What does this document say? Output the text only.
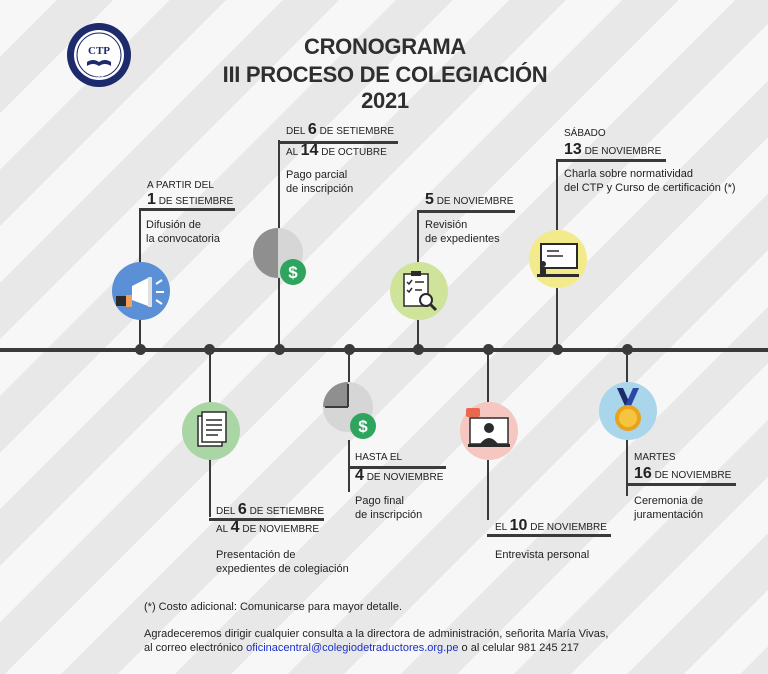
CTP
1996
CRONOGRAMA
III PROCESO DE COLEGIACIÓN 2021
A PARTIR DEL
1 DE SETIEMBRE
Difusión de
la convocatoria
DEL 6 DE SETIEMBRE
AL 4 DE NOVIEMBRE
Presentación de
expedientes de colegiación
DEL 6 DE SETIEMBRE
AL 14 DE OCTUBRE
Pago parcial
de inscripción
$
$
HASTA EL
4 DE NOVIEMBRE
Pago final
de inscripción
5 DE NOVIEMBRE
Revisión
de expedientes
EL 10 DE NOVIEMBRE
Entrevista personal
SÁBADO
13 DE NOVIEMBRE
Charla sobre normatividad
del CTP y Curso de certificación (*)
MARTES
16 DE NOVIEMBRE
Ceremonia de
juramentación
(*) Costo adicional: Comunicarse para mayor detalle.
Agradeceremos dirigir cualquier consulta a la directora de administración, señorita María Vivas,
al correo electrónico oficinacentral@colegiodetraductores.org.pe o al celular 981 245 217
